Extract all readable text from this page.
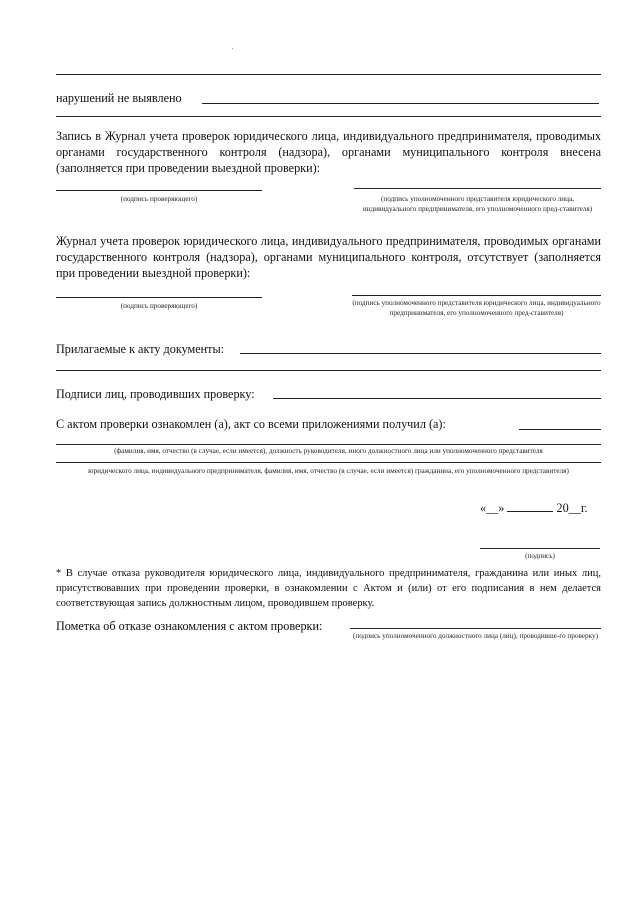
нарушений не выявлено
Запись в Журнал учета проверок юридического лица, индивидуального предпринимателя, проводимых органами государственного контроля (надзора), органами муниципального контроля внесена (заполняется при проведении выездной проверки):
(подпись проверяющего)	(подпись уполномоченного представителя юридического лица, индивидуального предпринимателя, его уполномоченного пред-ставителя)
Журнал учета проверок юридического лица, индивидуального предпринимателя, проводимых органами государственного контроля (надзора), органами муниципального контроля, отсутствует (заполняется при проведении выездной проверки):
(подпись проверяющего)	(подпись уполномоченного представителя юридического лица, индивидуального предпринимателя, его уполномоченного пред-ставителя)
Прилагаемые к акту документы:
Подписи лиц, проводивших проверку:
С актом проверки ознакомлен (а), акт со всеми приложениями получил (а):
(фамилия, имя, отчество (в случае, если имеется), должность руководителя, иного должностного лица или уполномоченного представителя
юридического лица, индивидуального предпринимателя, фамилия, имя, отчество (в случае, если имеется) гражданина, его уполномоченного представителя)
«__»	20__г.
(подпись)
* В случае отказа руководителя юридического лица, индивидуального предпринимателя, гражданина или иных лиц, присутствовавших при проведении проверки, в ознакомлении с Актом и (или) от его подписания в нем делается соответствующая запись должностным лицом, проводившем проверку.
Пометка об отказе ознакомления с актом проверки:
(подпись уполномоченного должностного лица (лиц), проводивше-го проверку)
